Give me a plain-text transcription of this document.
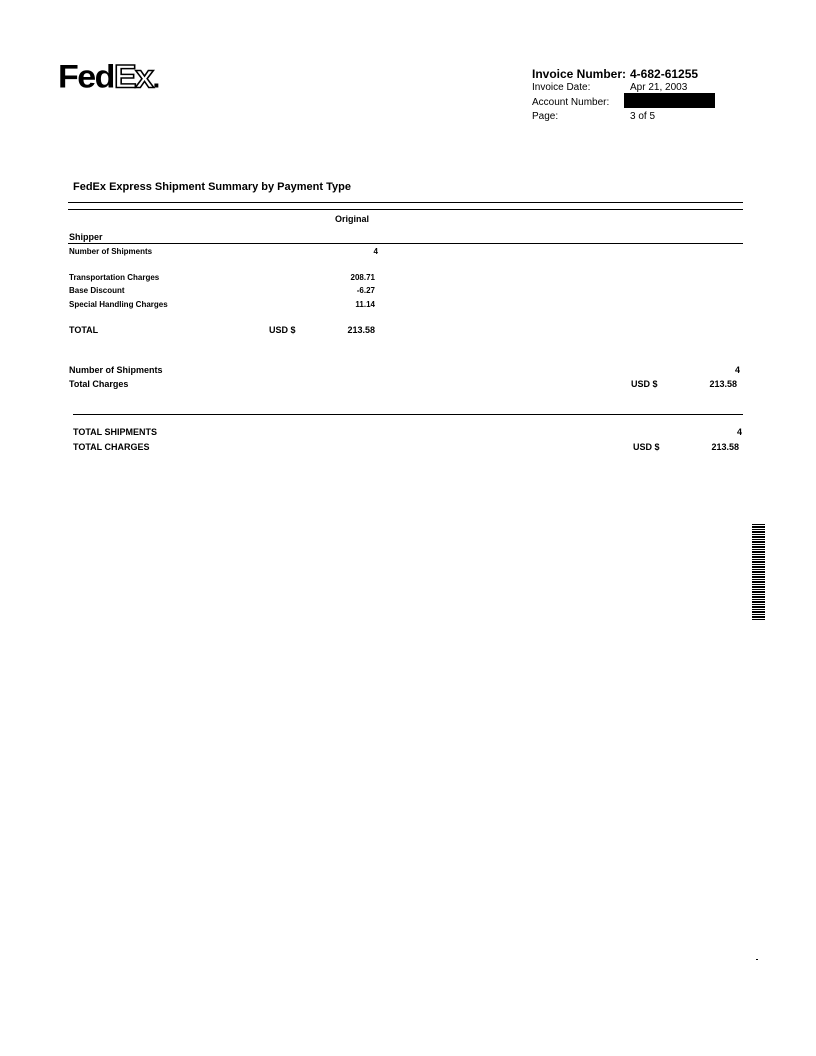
FedEx.	Invoice Number: 4-682-61255
Invoice Date:	Apr 21, 2003
Account Number:
Page:	3 of 5
FedEx Express Shipment Summary by Payment Type
Original
Shipper
Number of Shipments	4
Transportation Charges	208.71
Base Discount	-6.27
Special Handling Charges	11.14
TOTAL	USD $	213.58
Number of Shipments	4
Total Charges	USD $	213.58
TOTAL SHIPMENTS	4
TOTAL CHARGES	USD $	213.58
